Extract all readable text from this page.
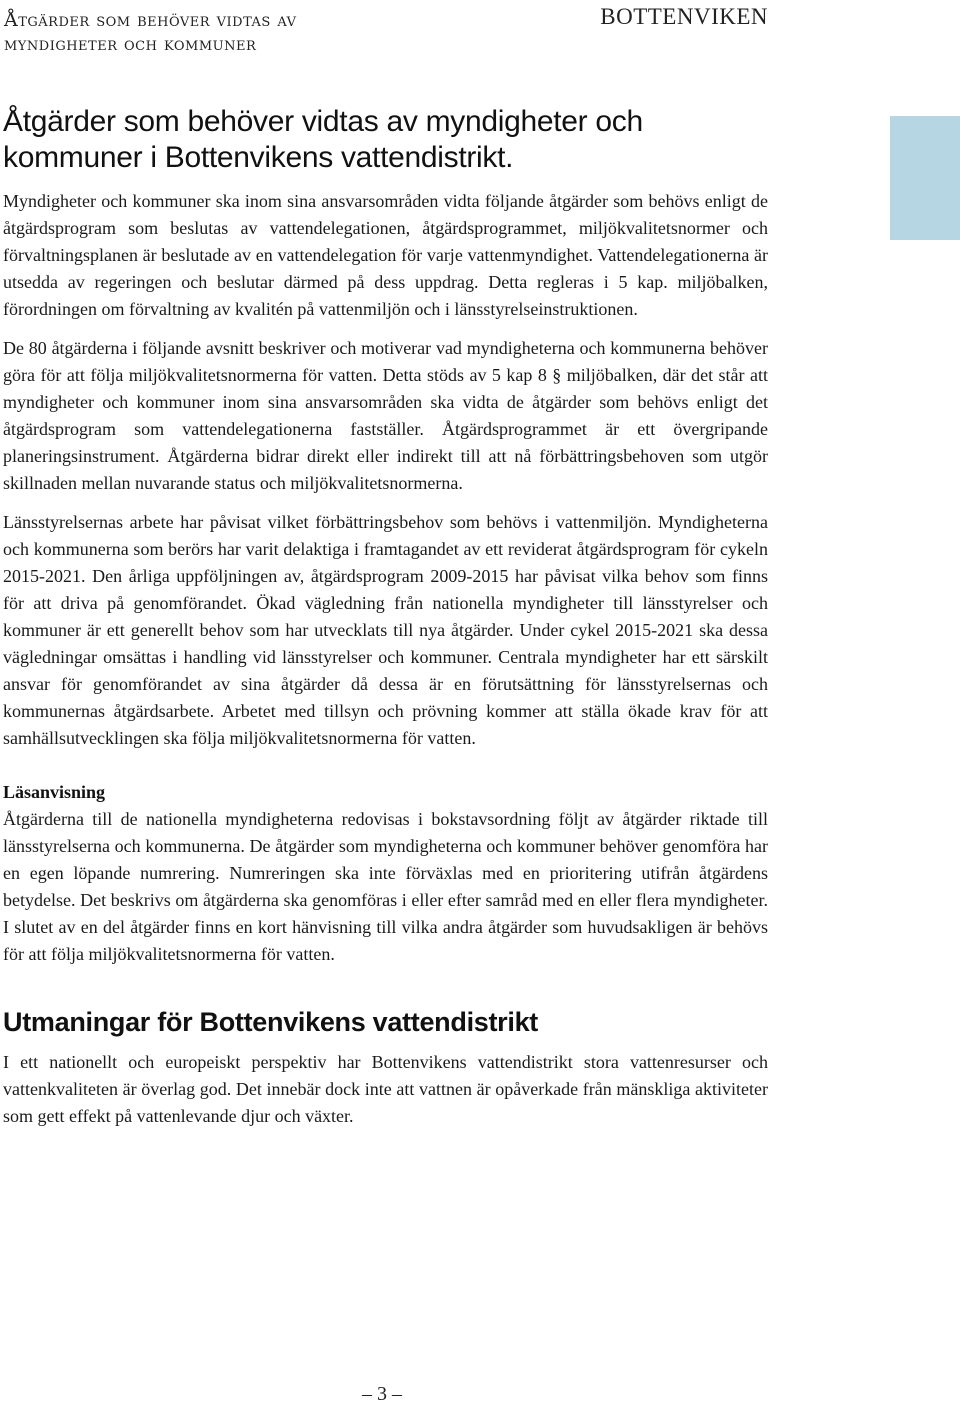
Åtgärder som behöver vidtas av myndigheter och kommuner
BOTTENVIKEN
Åtgärder som behöver vidtas av myndigheter och kommuner i Bottenvikens vattendistrikt.

Myndigheter och kommuner ska inom sina ansvarsområden vidta följande åtgärder som behövs enligt de åtgärdsprogram som beslutas av vattendelegationen, åtgärdsprogrammet, miljökvalitetsnormer och förvaltningsplanen är beslutade av en vattendelegation för varje vattenmyndighet. Vattendelegationerna är utsedda av regeringen och beslutar därmed på dess uppdrag. Detta regleras i 5 kap. miljöbalken, förordningen om förvaltning av kvalitén på vattenmiljön och i länsstyrelseinstruktionen.

De 80 åtgärderna i följande avsnitt beskriver och motiverar vad myndigheterna och kommunerna behöver göra för att följa miljökvalitetsnormerna för vatten. Detta stöds av 5 kap 8 § miljöbalken, där det står att myndigheter och kommuner inom sina ansvarsområden ska vidta de åtgärder som behövs enligt det åtgärdsprogram som vattendelegationerna fastställer. Åtgärdsprogrammet är ett övergripande planeringsinstrument. Åtgärderna bidrar direkt eller indirekt till att nå förbättringsbehoven som utgör skillnaden mellan nuvarande status och miljökvalitetsnormerna.

Länsstyrelsernas arbete har påvisat vilket förbättringsbehov som behövs i vattenmiljön. Myndigheterna och kommunerna som berörs har varit delaktiga i framtagandet av ett reviderat åtgärdsprogram för cykeln 2015-2021. Den årliga uppföljningen av, åtgärdsprogram 2009-2015 har påvisat vilka behov som finns för att driva på genomförandet. Ökad vägledning från nationella myndigheter till länsstyrelser och kommuner är ett generellt behov som har utvecklats till nya åtgärder. Under cykel 2015-2021 ska dessa vägledningar omsättas i handling vid länsstyrelser och kommuner. Centrala myndigheter har ett särskilt ansvar för genomförandet av sina åtgärder då dessa är en förutsättning för länsstyrelsernas och kommunernas åtgärdsarbete. Arbetet med tillsyn och prövning kommer att ställa ökade krav för att samhällsutvecklingen ska följa miljökvalitetsnormerna för vatten.

Läsanvisning

Åtgärderna till de nationella myndigheterna redovisas i bokstavsordning följt av åtgärder riktade till länsstyrelserna och kommunerna. De åtgärder som myndigheterna och kommuner behöver genomföra har en egen löpande numrering. Numreringen ska inte förväxlas med en prioritering utifrån åtgärdens betydelse. Det beskrivs om åtgärderna ska genomföras i eller efter samråd med en eller flera myndigheter. I slutet av en del åtgärder finns en kort hänvisning till vilka andra åtgärder som huvudsakligen är behövs för att följa miljökvalitetsnormerna för vatten.

Utmaningar för Bottenvikens vattendistrikt

I ett nationellt och europeiskt perspektiv har Bottenvikens vattendistrikt stora vattenresurser och vattenkvaliteten är överlag god. Det innebär dock inte att vattnen är opåverkade från mänskliga aktiviteter som gett effekt på vattenlevande djur och växter.

– 3 –
